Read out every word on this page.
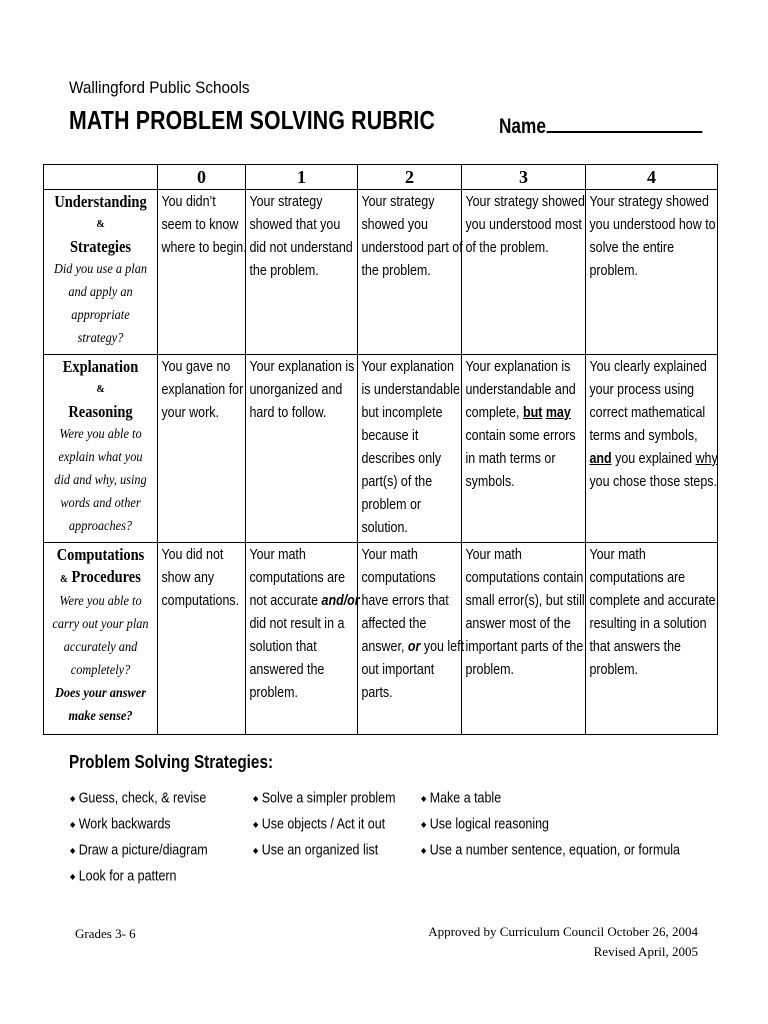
Wallingford Public Schools
MATH PROBLEM SOLVING RUBRIC	Name
	0	1	2	3	4

Understanding
&
Strategies
Did you use a plan and apply an appropriate strategy?	You didn’t seem to know where to begin.	Your strategy showed that you did not understand the problem.	Your strategy showed you understood part of the problem.	Your strategy showed you understood most of the problem.	Your strategy showed you understood how to solve the entire problem.

Explanation
&
Reasoning
Were you able to explain what you did and why, using words and other approaches?	You gave no explanation for your work.	Your explanation is unorganized and hard to follow.	Your explanation is understandable but incomplete because it describes only part(s) of the problem or solution.	Your explanation is understandable and complete, but may contain some errors in math terms or symbols.	You clearly explained your process using correct mathematical terms and symbols, and you explained why you chose those steps.

Computations
& Procedures
Were you able to carry out your plan accurately and completely?
Does your answer make sense?	You did not show any computations.	Your math computations are not accurate and/or did not result in a solution that answered the problem.	Your math computations have errors that affected the answer, or you left out important parts.	Your math computations contain small error(s), but still answer most of the important parts of the problem.	Your math computations are complete and accurate, resulting in a solution that answers the problem.
Problem Solving Strategies:
◆ Guess, check, & revise
◆ Work backwards
◆ Draw a picture/diagram
◆ Look for a pattern
◆ Solve a simpler problem
◆ Use objects / Act it out
◆ Use an organized list
◆ Make a table
◆ Use logical reasoning
◆ Use a number sentence, equation, or formula
Grades 3- 6	Approved by Curriculum Council October 26, 2004
Revised April, 2005
